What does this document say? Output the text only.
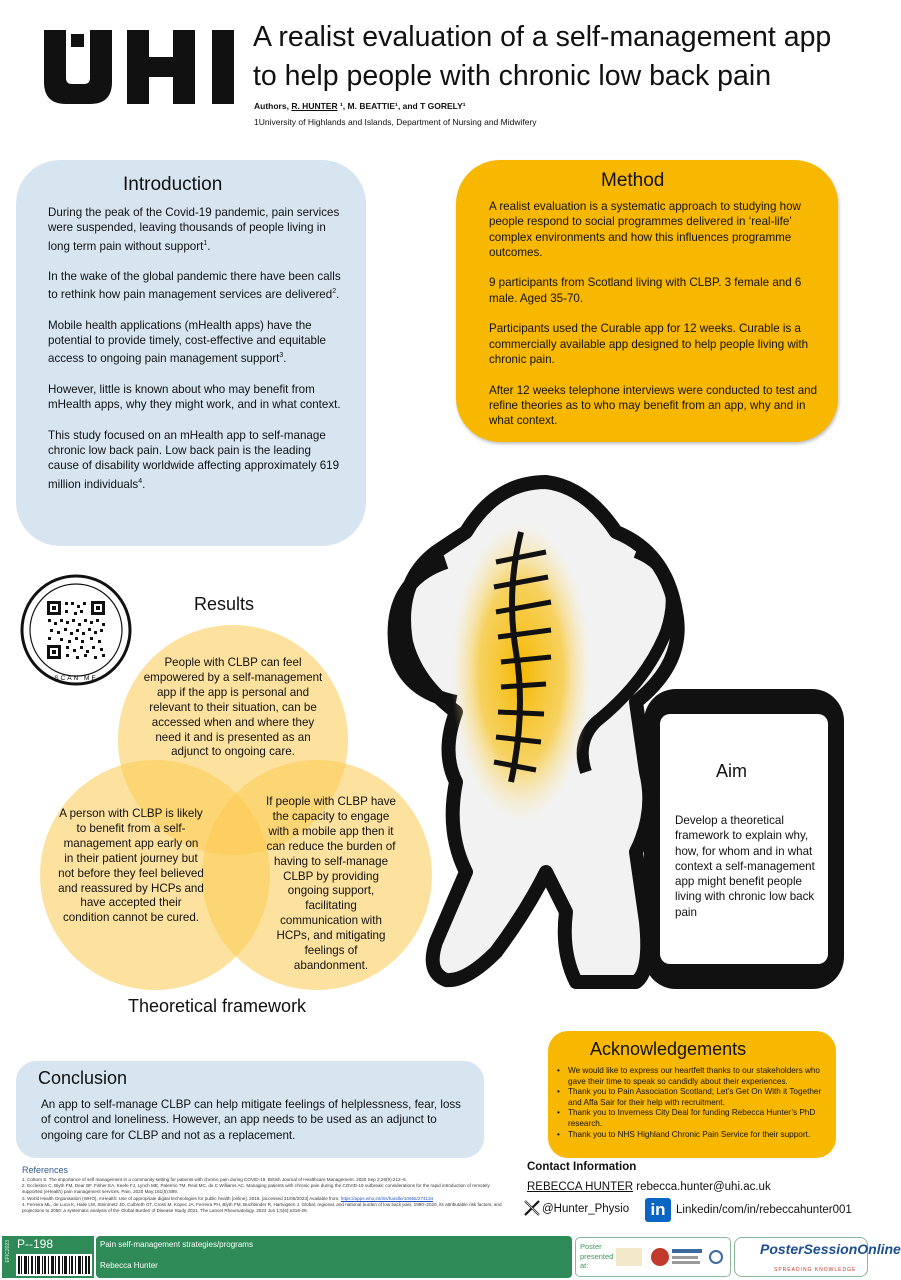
A realist evaluation of a self-management app
to help people with chronic low back pain
Authors, R. HUNTER ¹, M. BEATTIE¹, and T GORELY¹
1University of Highlands and Islands, Department of Nursing and Midwifery
Introduction

During the peak of the Covid-19 pandemic, pain services were suspended, leaving thousands of people living in long term pain without support$^1$.

In the wake of the global pandemic there have been calls to rethink how pain management services are delivered$^2$.

Mobile health applications (mHealth apps) have the potential to provide timely, cost-effective and equitable access to ongoing pain management support$^3$.

However, little is known about who may benefit from mHealth apps, why they might work, and in what context.

This study focused on an mHealth app to self-manage chronic low back pain. Low back pain is the leading cause of disability worldwide affecting approximately 619 million individuals$^4$.

Method

A realist evaluation is a systematic approach to studying how people respond to social programmes delivered in ‘real-life’ complex environments and how this influences programme outcomes.

9 participants from Scotland living with CLBP. 3 female and 6 male. Aged 35-70.

Participants used the Curable app for 12 weeks. Curable is a commercially available app designed to help people living with chronic pain.

After 12 weeks telephone interviews were conducted to test and refine theories as to who may benefit from an app, why and in what context.

Aim
Develop a theoretical framework to explain why, how, for whom and in what context a self-management app might benefit people living with chronic low back pain
SCAN ME
Results
People with CLBP can feel empowered by a self-management app if the app is personal and relevant to their situation, can be accessed when and where they need it and is presented as an adjunct to ongoing care.
A person with CLBP is likely to benefit from a self-management app early on in their patient journey but not before they feel believed and reassured by HCPs and have accepted their condition cannot be cured.
If people with CLBP have the capacity to engage with a mobile app then it can reduce the burden of having to self-manage CLBP by providing ongoing support, facilitating communication with HCPs, and mitigating feelings of abandonment.
Theoretical framework
Conclusion
An app to self-manage CLBP can help mitigate feelings of helplessness, fear, loss of control and loneliness. However, an app needs to be used as an adjunct to ongoing care for CLBP and not as a replacement.
Acknowledgements
• We would like to express our heartfelt thanks to our stakeholders who gave their time to speak so candidly about their experiences.
• Thank you to Pain Association Scotland; Let’s Get On With it Together and Affa Sair for their help with recruitment.
• Thank you to Inverness City Deal for funding Rebecca Hunter’s PhD research.
• Thank you to NHS Highland Chronic Pain Service for their support.
References
1. Cottom S. The importance of self management in a community setting for patients with chronic pain during COVID-19. British Journal of Healthcare Management. 2020 Sep 2;26(9):212–6.
2. Eccleston C, Blyth FM, Dear BF, Fisher EA, Keefe FJ, Lynch ME, Palermo TM, Reid MC, de C Williams AC. Managing patients with chronic pain during the COVID-19 outbreak: considerations for the rapid introduction of remotely supported (eHealth) pain management services. Pain. 2020 May;161(5):889.
3. World Health Organisation (WHO), mHealth: Use of appropriate digital technologies for public health [online]. 2018. [accessed 31/05/2023] Available from: https://apps.who.int/iris/handle/10665/274134
4. Ferreira ML, de Luca K, Haile LM, Steinmetz JD, Culbreth GT, Cross M, Kopec JA, Ferreira PH, Blyth FM, Buchbinder R, Hartvigsen J. Global, regional, and national burden of low back pain, 1990–2020, its attributable risk factors, and projections to 2050: a systematic analysis of the Global Burden of Disease Study 2021. The Lancet Rheumatology. 2023 Jun 1;5(6):e316-29.
Contact Information
REBECCA HUNTER rebecca.hunter@uhi.ac.uk
@Hunter_Physio	in Linkedin/com/in/rebeccahunter001
EFIC2023 P--198	Pain self-management strategies/programs
Rebecca Hunter
Poster presented at:
PosterSessionOnline
SPREADING KNOWLEDGE
